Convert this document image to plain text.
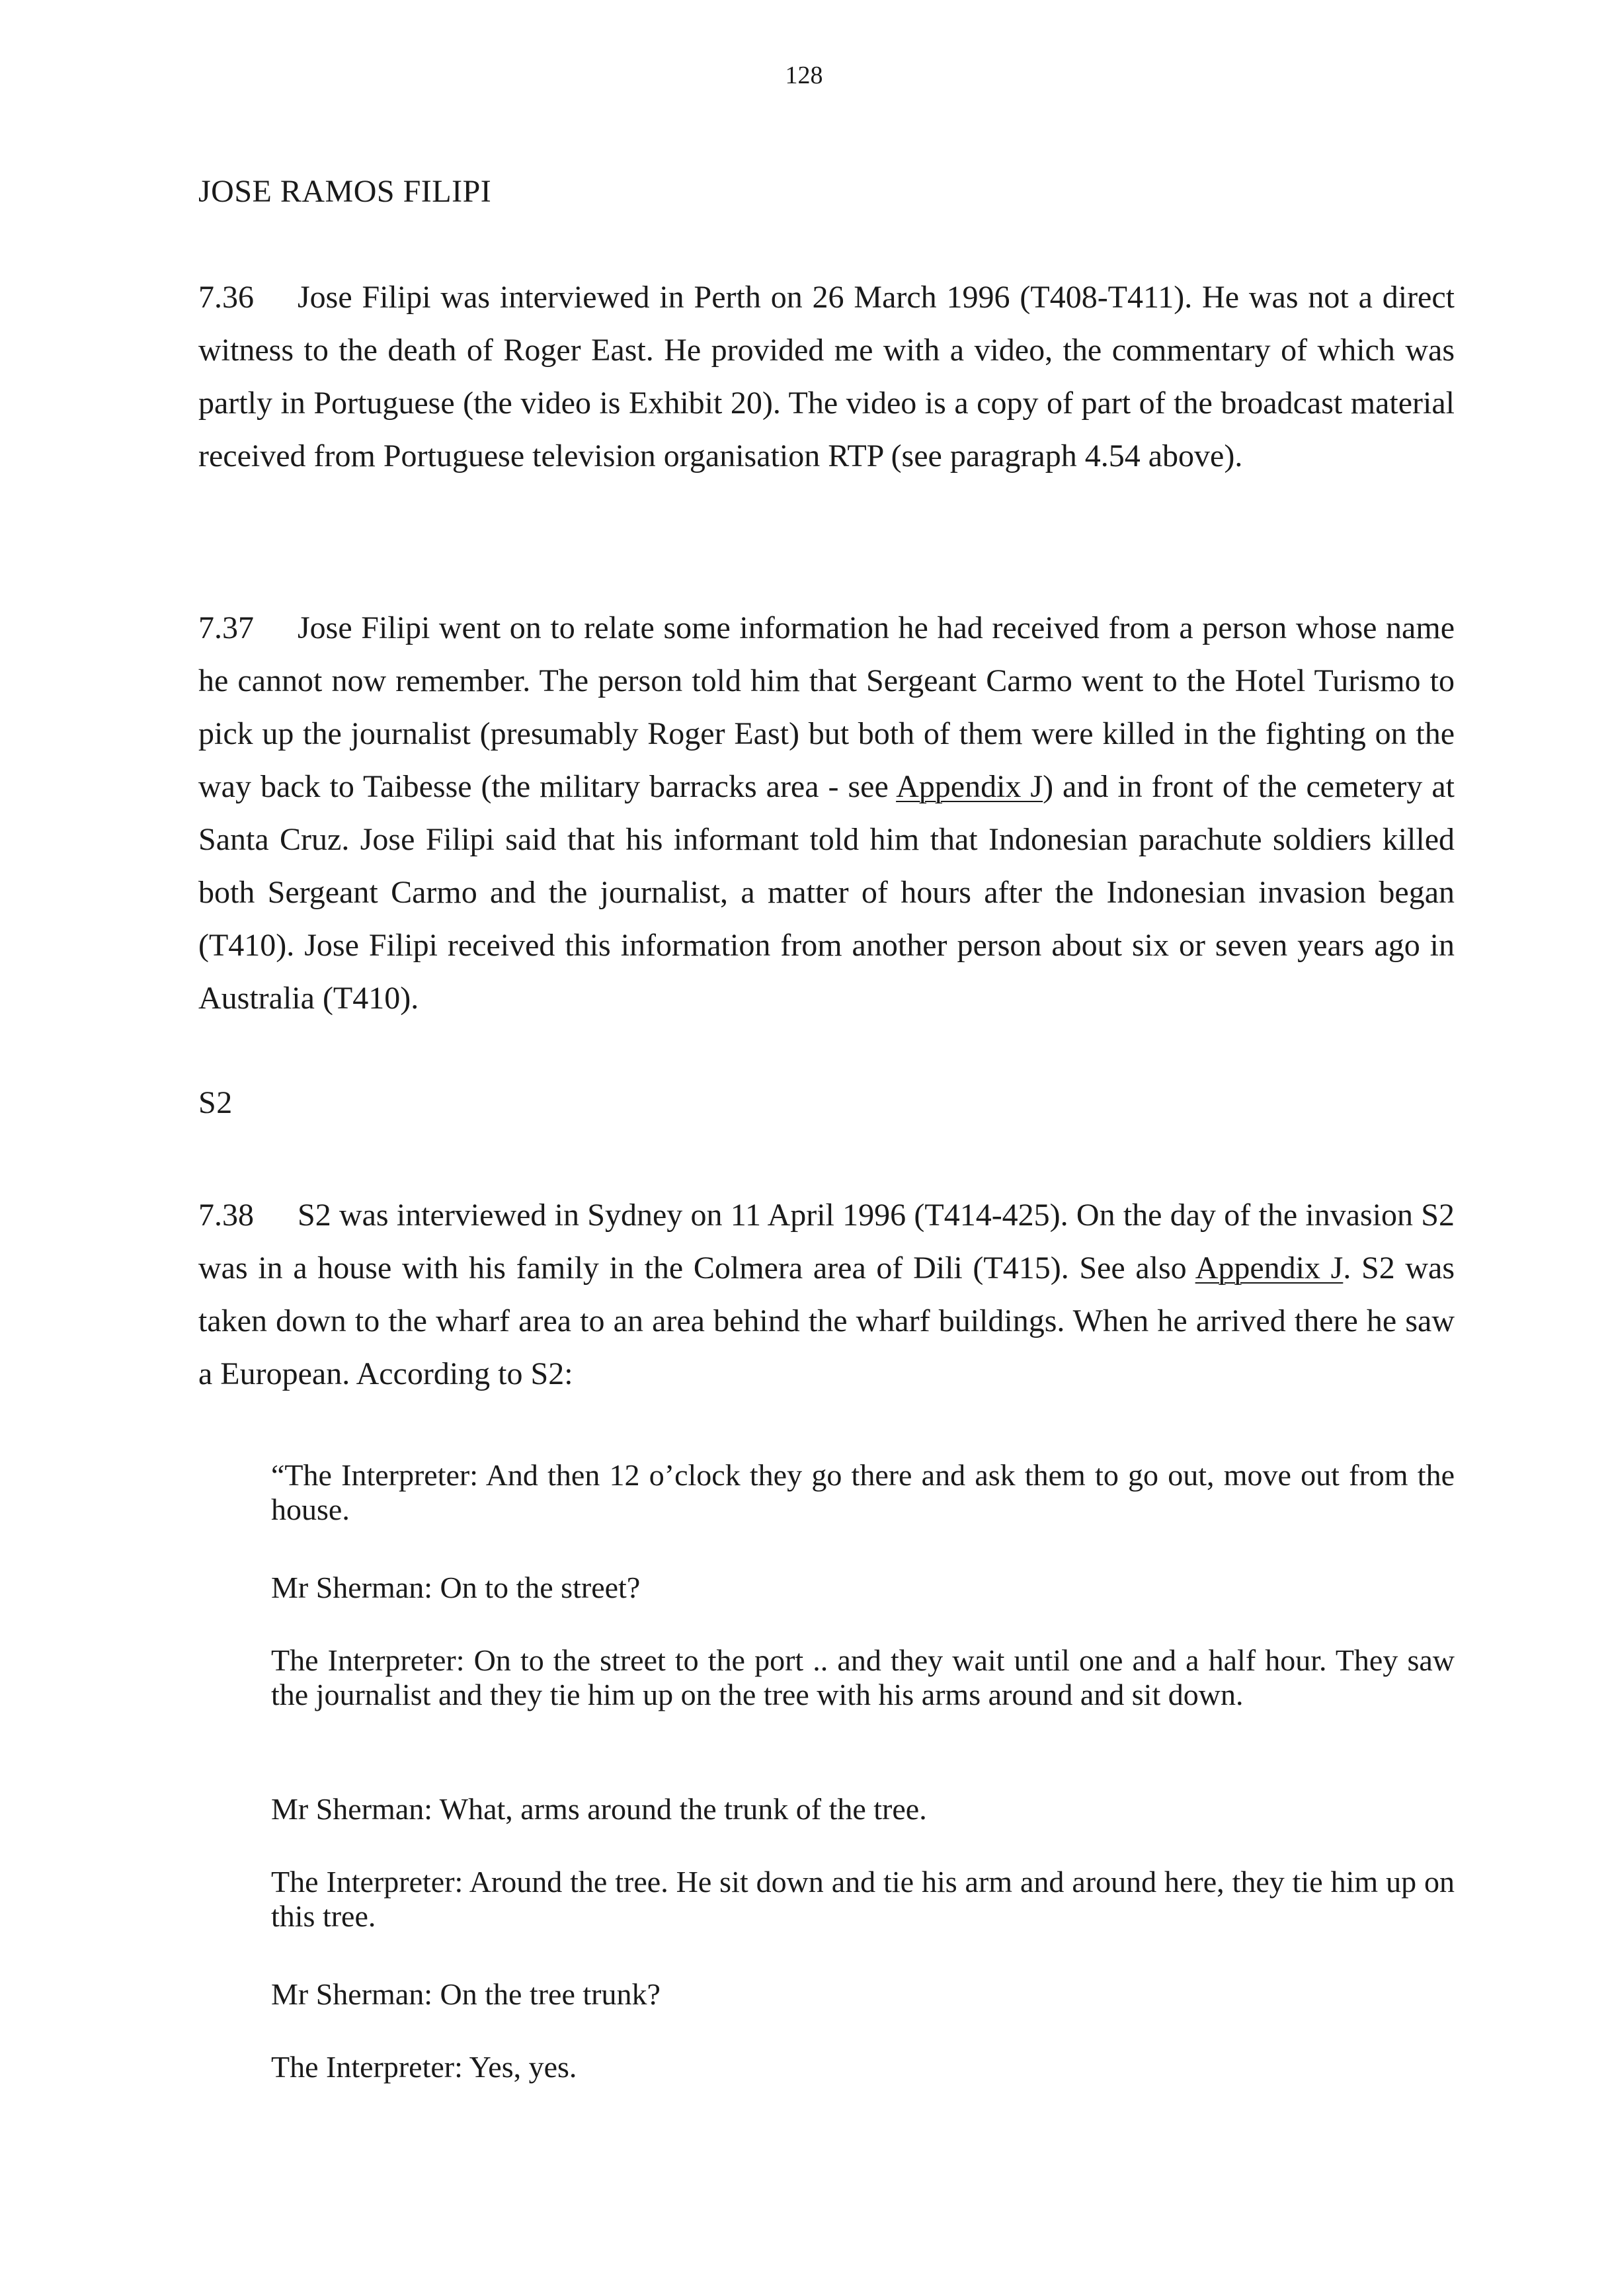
128
JOSE RAMOS FILIPI
7.36 Jose Filipi was interviewed in Perth on 26 March 1996 (T408-T411). He was not a direct witness to the death of Roger East. He provided me with a video, the commentary of which was partly in Portuguese (the video is Exhibit 20). The video is a copy of part of the broadcast material received from Portuguese television organisation RTP (see paragraph 4.54 above).
7.37 Jose Filipi went on to relate some information he had received from a person whose name he cannot now remember. The person told him that Sergeant Carmo went to the Hotel Turismo to pick up the journalist (presumably Roger East) but both of them were killed in the fighting on the way back to Taibesse (the military barracks area - see Appendix J) and in front of the cemetery at Santa Cruz. Jose Filipi said that his informant told him that Indonesian parachute soldiers killed both Sergeant Carmo and the journalist, a matter of hours after the Indonesian invasion began (T410). Jose Filipi received this information from another person about six or seven years ago in Australia (T410).
S2
7.38 S2 was interviewed in Sydney on 11 April 1996 (T414-425). On the day of the invasion S2 was in a house with his family in the Colmera area of Dili (T415). See also Appendix J. S2 was taken down to the wharf area to an area behind the wharf buildings. When he arrived there he saw a European. According to S2:
“The Interpreter: And then 12 o’clock they go there and ask them to go out, move out from the house.
Mr Sherman: On to the street?
The Interpreter: On to the street to the port .. and they wait until one and a half hour. They saw the journalist and they tie him up on the tree with his arms around and sit down.
Mr Sherman: What, arms around the trunk of the tree.
The Interpreter: Around the tree. He sit down and tie his arm and around here, they tie him up on this tree.
Mr Sherman: On the tree trunk?
The Interpreter: Yes, yes.
